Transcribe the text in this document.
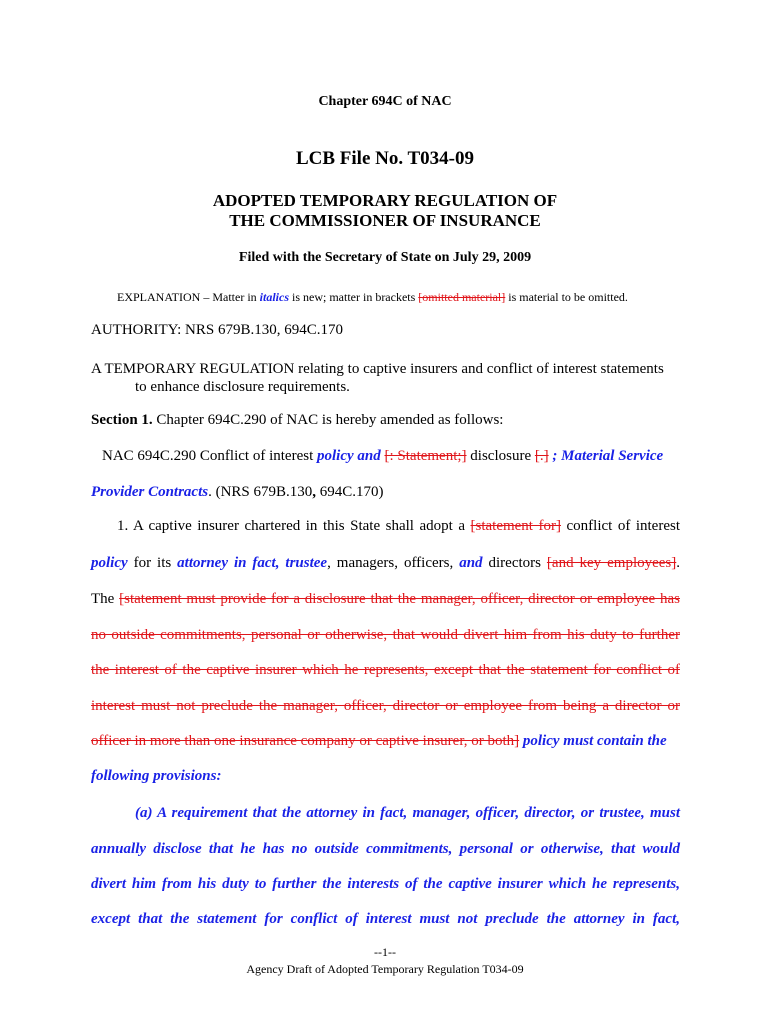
Chapter 694C of NAC
LCB File No. T034-09
ADOPTED TEMPORARY REGULATION OF
THE COMMISSIONER OF INSURANCE
Filed with the Secretary of State on July 29, 2009
EXPLANATION – Matter in italics is new; matter in brackets [omitted material] is material to be omitted.
AUTHORITY: NRS 679B.130, 694C.170
A TEMPORARY REGULATION relating to captive insurers and conflict of interest statements
to enhance disclosure requirements.
Section 1. Chapter 694C.290 of NAC is hereby amended as follows:
NAC 694C.290 Conflict of interest policy and [: Statement;] disclosure [.] ; Material Service
Provider Contracts. (NRS 679B.130, 694C.170)
1. A captive insurer chartered in this State shall adopt a [statement for] conflict of interest
policy for its attorney in fact, trustee, managers, officers, and directors [and key employees].
The [statement must provide for a disclosure that the manager, officer, director or employee has
no outside commitments, personal or otherwise, that would divert him from his duty to further
the interest of the captive insurer which he represents, except that the statement for conflict of
interest must not preclude the manager, officer, director or employee from being a director or
officer in more than one insurance company or captive insurer, or both] policy must contain the
following provisions:
(a) A requirement that the attorney in fact, manager, officer, director, or trustee, must
annually disclose that he has no outside commitments, personal or otherwise, that would
divert him from his duty to further the interests of the captive insurer which he represents,
except that the statement for conflict of interest must not preclude the attorney in fact,
--1--
Agency Draft of Adopted Temporary Regulation T034-09
